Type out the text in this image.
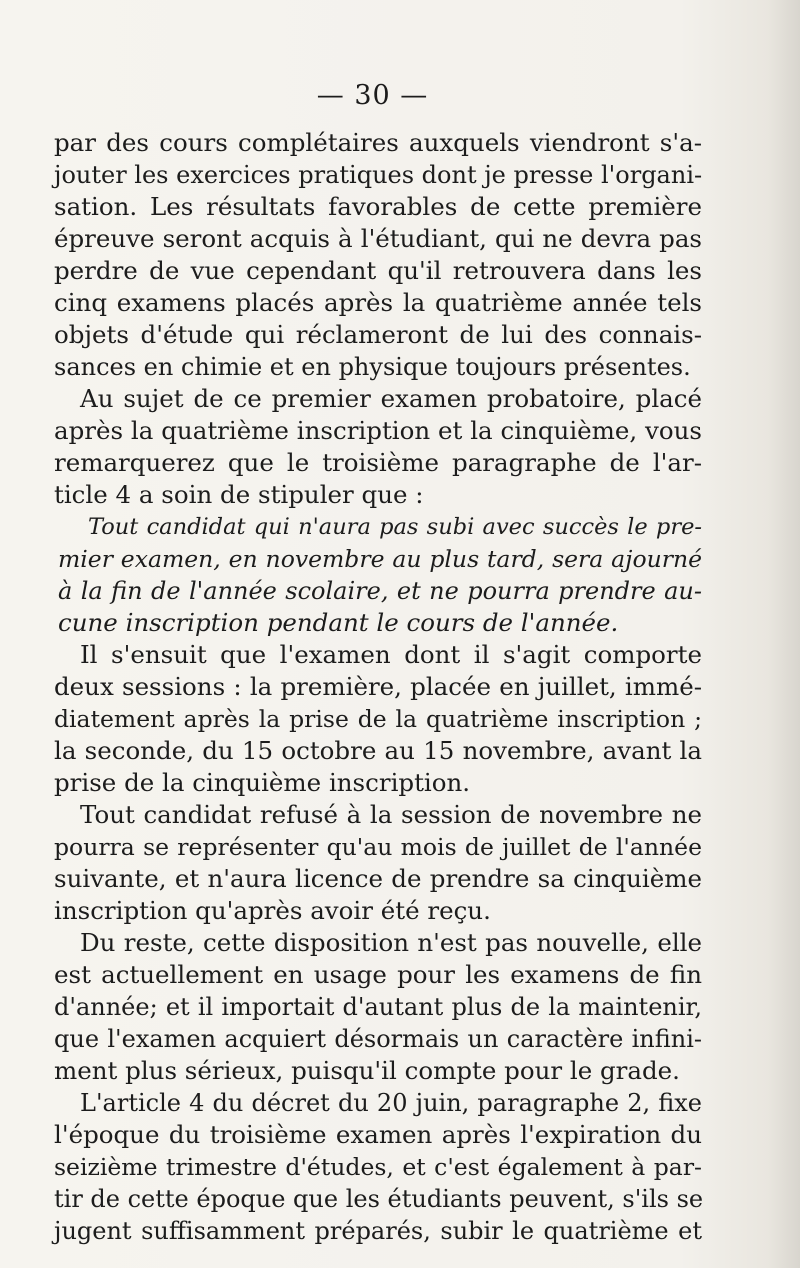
— 30 —
par des cours complétaires auxquels viendront s'a-
jouter les exercices pratiques dont je presse l'organi-
sation. Les résultats favorables de cette première
épreuve seront acquis à l'étudiant, qui ne devra pas
perdre de vue cependant qu'il retrouvera dans les
cinq examens placés après la quatrième année tels
objets d'étude qui réclameront de lui des connais-
sances en chimie et en physique toujours présentes.
Au sujet de ce premier examen probatoire, placé
après la quatrième inscription et la cinquième, vous
remarquerez que le troisième paragraphe de l'ar-
ticle 4 a soin de stipuler que :
Tout candidat qui n'aura pas subi avec succès le pre-
mier examen, en novembre au plus tard, sera ajourné
à la fin de l'année scolaire, et ne pourra prendre au-
cune inscription pendant le cours de l'année.
Il s'ensuit que l'examen dont il s'agit comporte
deux sessions : la première, placée en juillet, immé-
diatement après la prise de la quatrième inscription ;
la seconde, du 15 octobre au 15 novembre, avant la
prise de la cinquième inscription.
Tout candidat refusé à la session de novembre ne
pourra se représenter qu'au mois de juillet de l'année
suivante, et n'aura licence de prendre sa cinquième
inscription qu'après avoir été reçu.
Du reste, cette disposition n'est pas nouvelle, elle
est actuellement en usage pour les examens de fin
d'année; et il importait d'autant plus de la maintenir,
que l'examen acquiert désormais un caractère infini-
ment plus sérieux, puisqu'il compte pour le grade.
L'article 4 du décret du 20 juin, paragraphe 2, fixe
l'époque du troisième examen après l'expiration du
seizième trimestre d'études, et c'est également à par-
tir de cette époque que les étudiants peuvent, s'ils se
jugent suffisamment préparés, subir le quatrième et
